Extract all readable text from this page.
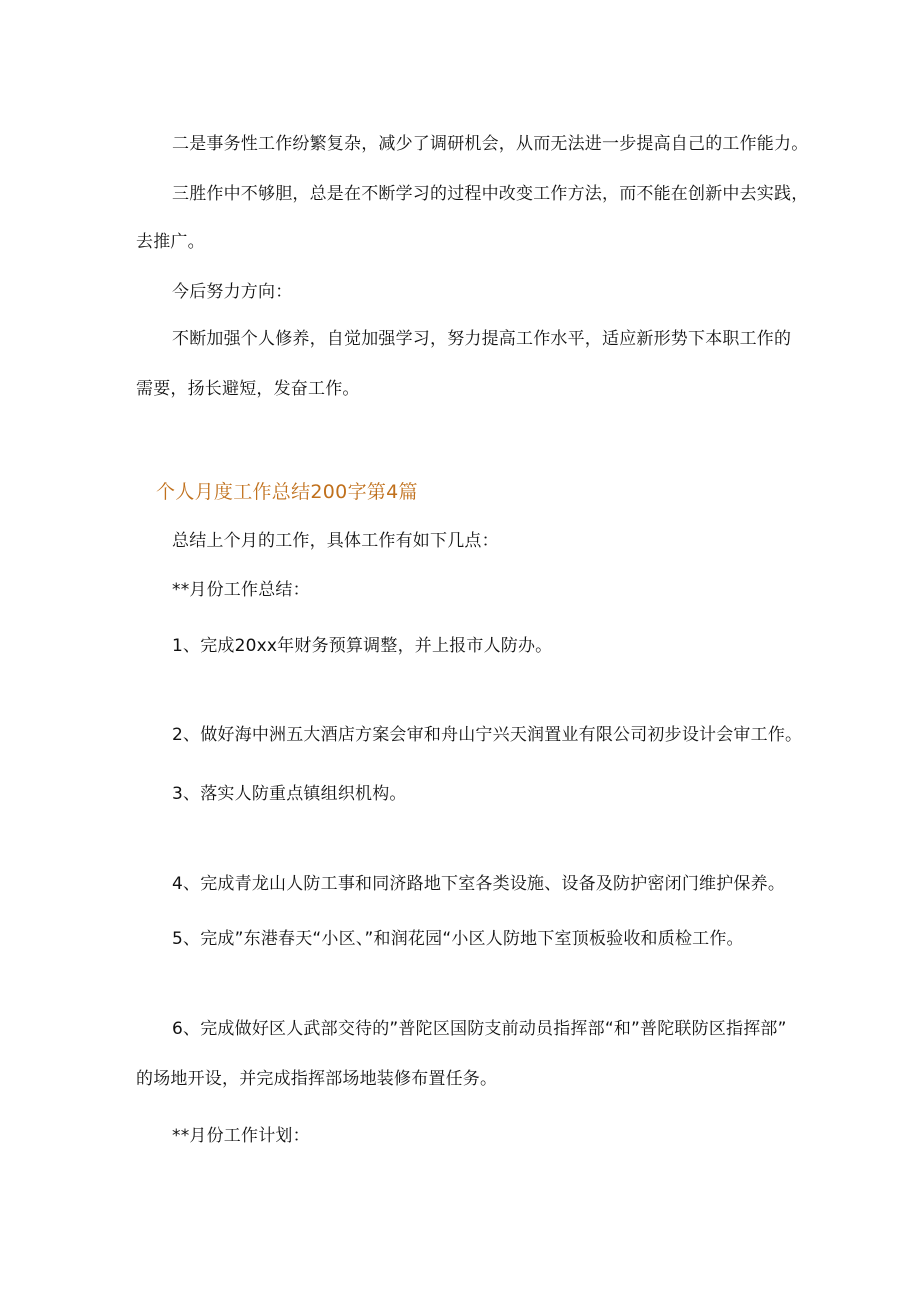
二是事务性工作纷繁复杂，减少了调研机会，从而无法进一步提高自己的工作能力。
三胜作中不够胆，总是在不断学习的过程中改变工作方法，而不能在创新中去实践，
去推广。
今后努力方向：
不断加强个人修养，自觉加强学习，努力提高工作水平，适应新形势下本职工作的
需要，扬长避短，发奋工作。
个人月度工作总结200字第4篇
总结上个月的工作，具体工作有如下几点：
**月份工作总结：
1、完成20xx年财务预算调整，并上报市人防办。
2、做好海中洲五大酒店方案会审和舟山宁兴天润置业有限公司初步设计会审工作。
3、落实人防重点镇组织机构。
4、完成青龙山人防工事和同济路地下室各类设施、设备及防护密闭门维护保养。
5、完成”东港春天“小区、”和润花园“小区人防地下室顶板验收和质检工作。
6、完成做好区人武部交待的”普陀区国防支前动员指挥部“和”普陀联防区指挥部”
的场地开设，并完成指挥部场地装修布置任务。
**月份工作计划：
